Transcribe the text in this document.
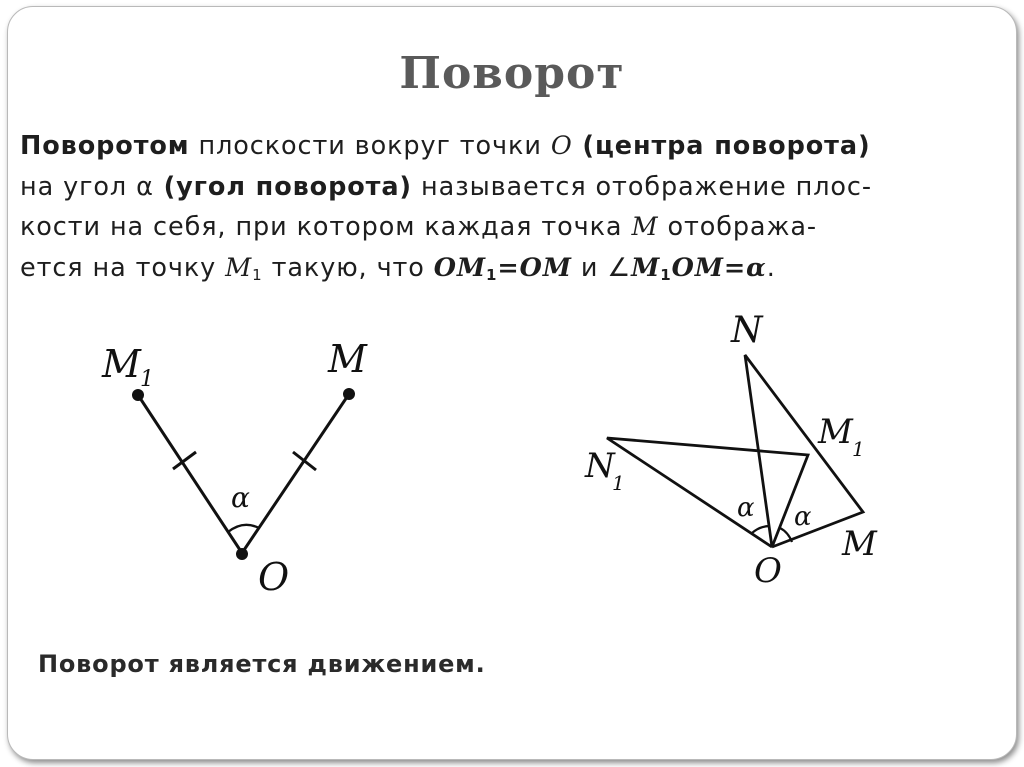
Поворот
Поворотом плоскости вокруг точки O (центра поворота)
на угол α (угол поворота) называется отображение плос-
кости на себя, при котором каждая точка M отобража-
ется на точку $M_1$ такую, что $OM_1=OM$ и $\angle M_1OM=\alpha$.
M 1	M
α
O
N
M 1
N
1
α α
O
M
Поворот является движением.
